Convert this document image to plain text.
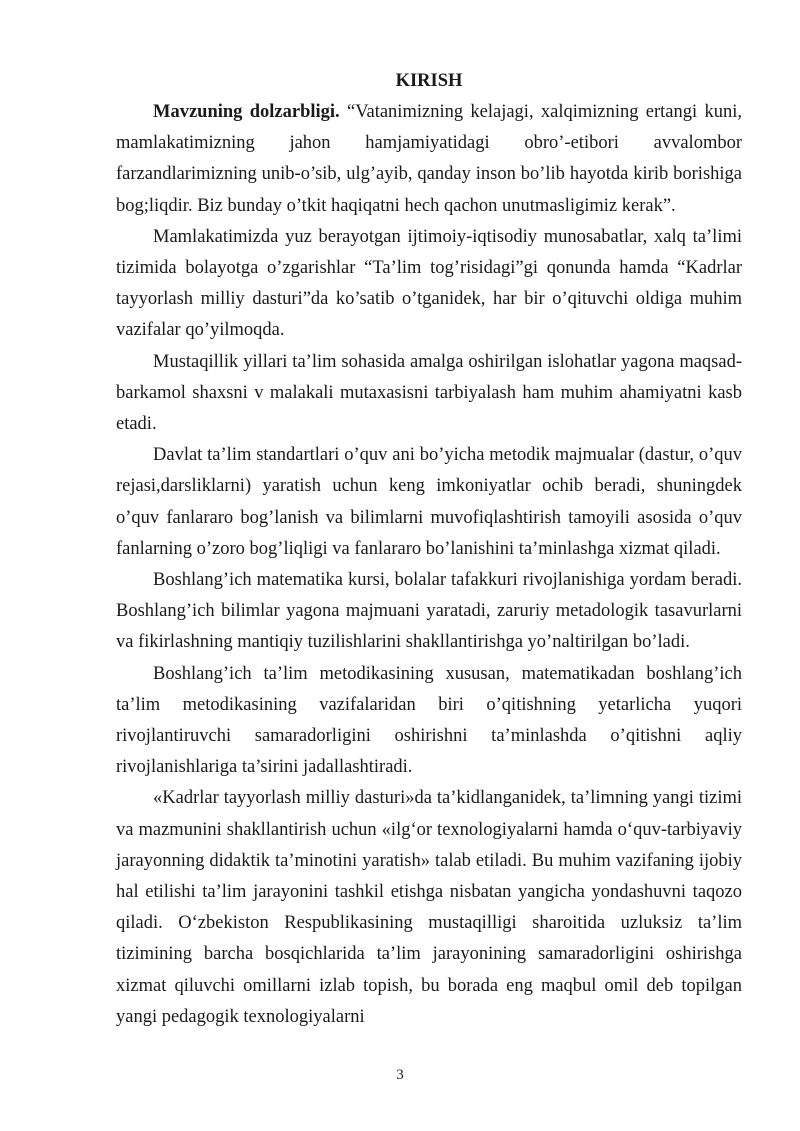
KIRISH

Mavzuning dolzarbligi. “Vatanimizning kelajagi, xalqimizning ertangi kuni, mamlakatimizning jahon hamjamiyatidagi obro’-etibori avvalombor farzandlarimizning unib-o’sib, ulg’ayib, qanday inson bo’lib hayotda kirib borishiga bog;liqdir. Biz bunday o’tkit haqiqatni hech qachon unutmasligimiz kerak”.

Mamlakatimizda yuz berayotgan ijtimoiy-iqtisodiy munosabatlar, xalq ta’limi tizimida bolayotga o’zgarishlar “Ta’lim tog’risidagi”gi qonunda hamda “Kadrlar tayyorlash milliy dasturi”da ko’satib o’tganidek, har bir o’qituvchi oldiga muhim vazifalar qo’yilmoqda.

Mustaqillik yillari ta’lim sohasida amalga oshirilgan islohatlar yagona maqsad-barkamol shaxsni v malakali mutaxasisni tarbiyalash ham muhim ahamiyatni kasb etadi.

Davlat ta’lim standartlari o’quv ani bo’yicha metodik majmualar (dastur, o’quv rejasi,darsliklarni) yaratish uchun keng imkoniyatlar ochib beradi, shuningdek o’quv fanlararo bog’lanish va bilimlarni muvofiqlashtirish tamoyili asosida o’quv fanlarning o’zoro bog’liqligi va fanlararo bo’lanishini ta’minlashga xizmat qiladi.

Boshlang’ich matematika kursi, bolalar tafakkuri rivojlanishiga yordam beradi. Boshlang’ich bilimlar yagona majmuani yaratadi, zaruriy metadologik tasavurlarni va fikirlashning mantiqiy tuzilishlarini shakllantirishga yo’naltirilgan bo’ladi.

Boshlang’ich ta’lim metodikasining xususan, matematikadan boshlang’ich ta’lim metodikasining vazifalaridan biri o’qitishning yetarlicha yuqori rivojlantiruvchi samaradorligini oshirishni ta’minlashda o’qitishni aqliy rivojlanishlariga ta’sirini jadallashtiradi.

«Kadrlar tayyorlash milliy dasturi»da ta’kidlanganidek, ta’limning yangi tizimi va mazmunini shakllantirish uchun «ilg‘or texnologiyalarni hamda o‘quv-tarbiyaviy jarayonning didaktik ta’minotini yaratish» talab etiladi. Bu muhim vazifaning ijobiy hal etilishi ta’lim jarayonini tashkil etishga nisbatan yangicha yondashuvni taqozo qiladi. O‘zbekiston Respublikasining mustaqilligi sharoitida uzluksiz ta’lim tizimining barcha bosqichlarida ta’lim jarayonining samaradorligini oshirishga xizmat qiluvchi omillarni izlab topish, bu borada eng maqbul omil deb topilgan yangi pedagogik texnologiyalarni

3
